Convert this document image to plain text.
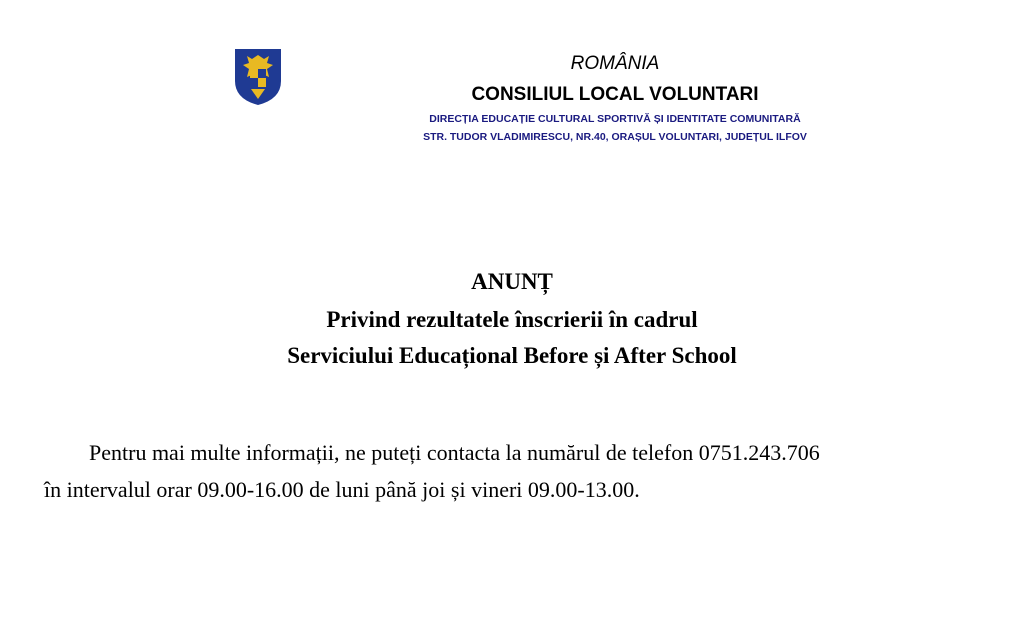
ROMÂNIA
CONSILIUL LOCAL VOLUNTARI
DIRECȚIA EDUCAȚIE CULTURAL SPORTIVĂ ȘI IDENTITATE COMUNITARĂ
STR. TUDOR VLADIMIRESCU, NR.40, ORAȘUL VOLUNTARI, JUDEȚUL ILFOV
ANUNȚ
Privind rezultatele înscrierii în cadrul
Serviciului Educațional Before și After School
Pentru mai multe informații, ne puteți contacta la numărul de telefon 0751.243.706
în intervalul orar 09.00-16.00 de luni până joi și vineri 09.00-13.00.
